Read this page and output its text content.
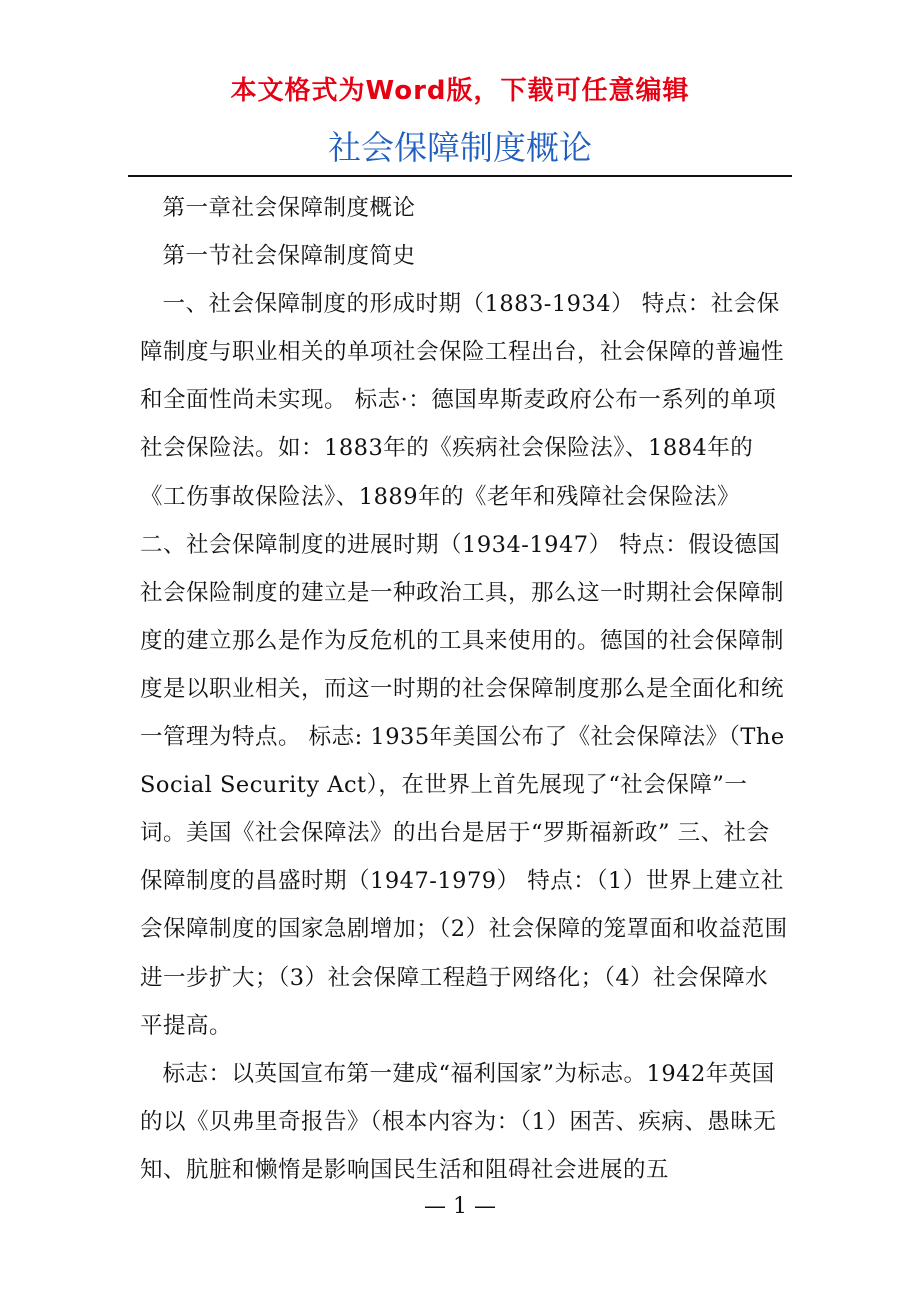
本文格式为Word版，下载可任意编辑
社会保障制度概论

第一章社会保障制度概论

第一节社会保障制度简史

一、社会保障制度的形成时期（1883-1934） 特点：社会保障制度与职业相关的单项社会保险工程出台，社会保障的普遍性和全面性尚未实现。 标志·：德国卑斯麦政府公布一系列的单项社会保险法。如：1883年的《疾病社会保险法》、1884年的《工伤事故保险法》、1889年的《老年和残障社会保险法》 二、社会保障制度的进展时期（1934-1947） 特点：假设德国社会保险制度的建立是一种政治工具，那么这一时期社会保障制度的建立那么是作为反危机的工具来使用的。德国的社会保障制度是以职业相关，而这一时期的社会保障制度那么是全面化和统一管理为特点。 标志: 1935年美国公布了《社会保障法》（The Social Security Act），在世界上首先展现了“社会保障”一词。美国《社会保障法》的出台是居于“罗斯福新政” 三、社会保障制度的昌盛时期（1947-1979） 特点：（1）世界上建立社会保障制度的国家急剧增加；（2）社会保障的笼罩面和收益范围进一步扩大；（3）社会保障工程趋于网络化；（4）社会保障水平提高。

标志：以英国宣布第一建成“福利国家”为标志。1942年英国的以《贝弗里奇报告》（根本内容为：（1）困苦、疾病、愚昧无知、肮脏和懒惰是影响国民生活和阻碍社会进展的五

— 1 —
